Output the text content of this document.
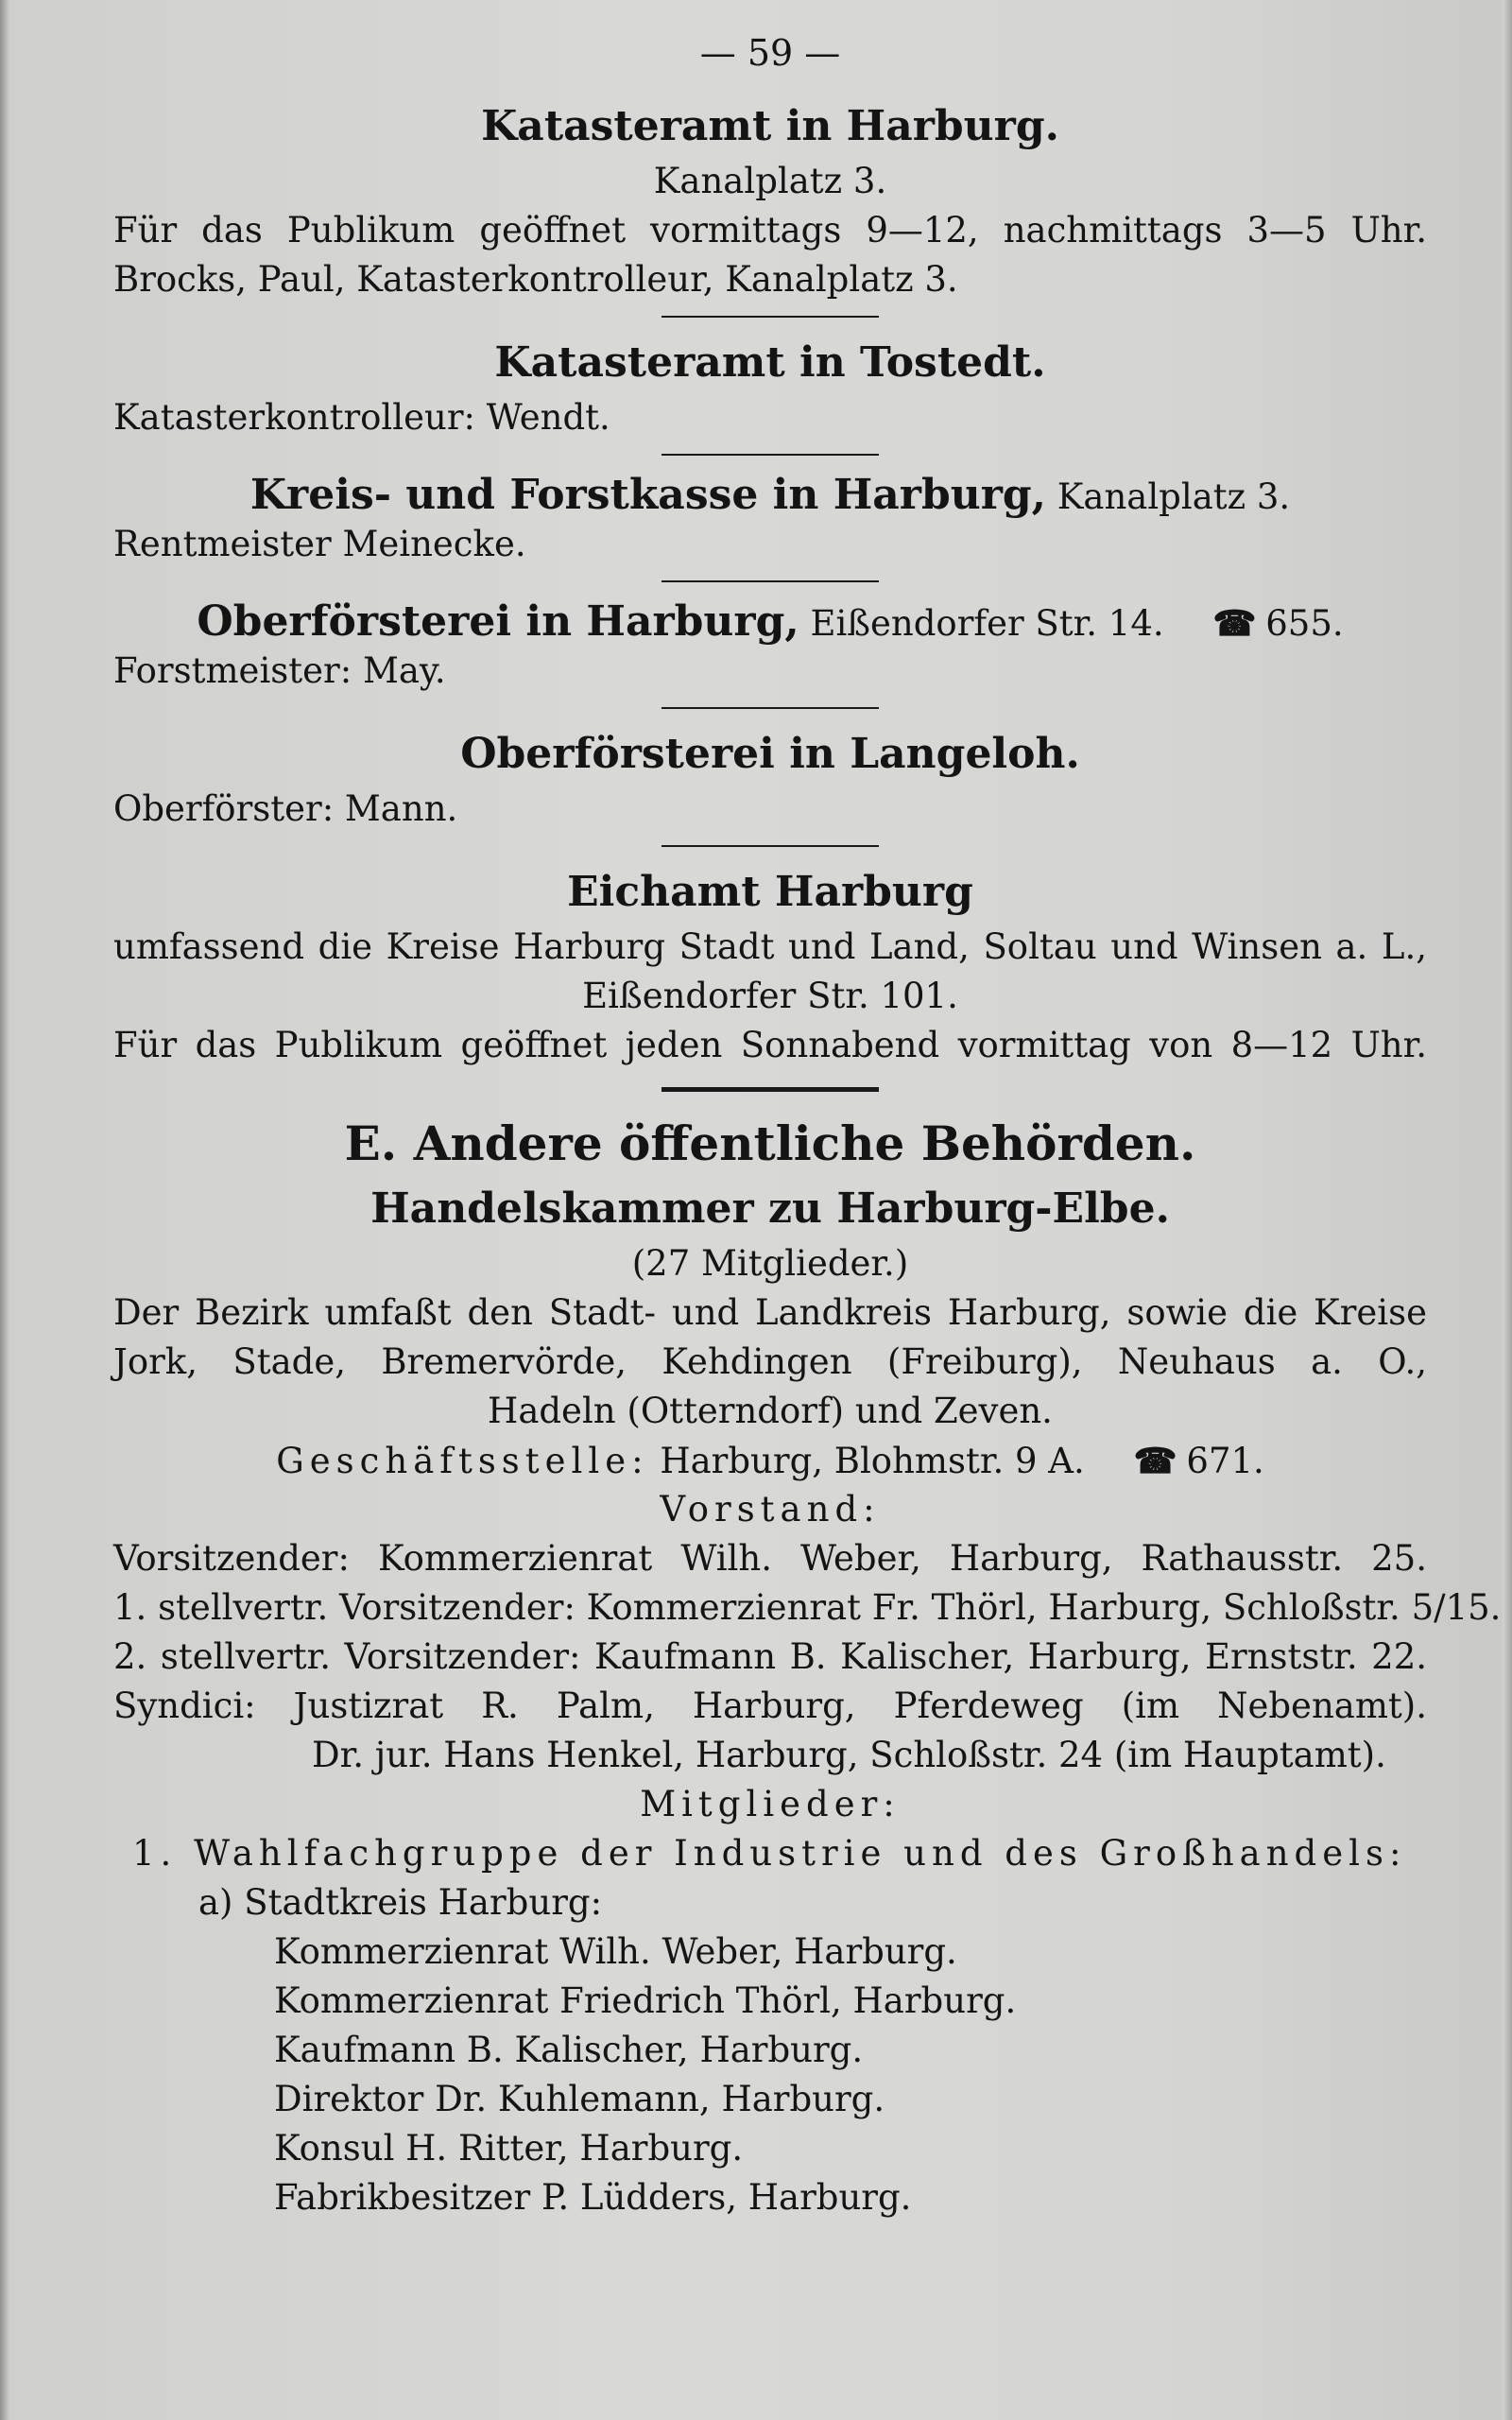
— 59 —
Katasteramt in Harburg.
Kanalplatz 3.
Für das Publikum geöffnet vormittags 9—12, nachmittags 3—5 Uhr.
Brocks, Paul, Katasterkontrolleur, Kanalplatz 3.
Katasteramt in Tostedt.
Katasterkontrolleur: Wendt.
Kreis- und Forstkasse in Harburg, Kanalplatz 3.
Rentmeister Meinecke.
Oberförsterei in Harburg, Eißendorfer Str. 14. ☎ 655.
Forstmeister: May.
Oberförsterei in Langeloh.
Oberförster: Mann.
Eichamt Harburg
umfassend die Kreise Harburg Stadt und Land, Soltau und Winsen a. L.,
Eißendorfer Str. 101.
Für das Publikum geöffnet jeden Sonnabend vormittag von 8—12 Uhr.
E. Andere öffentliche Behörden.
Handelskammer zu Harburg-Elbe.
(27 Mitglieder.)
Der Bezirk umfaßt den Stadt- und Landkreis Harburg, sowie die Kreise
Jork, Stade, Bremervörde, Kehdingen (Freiburg), Neuhaus a. O.,
Hadeln (Otterndorf) und Zeven.
Geschäftsstelle: Harburg, Blohmstr. 9 A. ☎ 671.
Vorstand:
Vorsitzender: Kommerzienrat Wilh. Weber, Harburg, Rathausstr. 25.
1. stellvertr. Vorsitzender: Kommerzienrat Fr. Thörl, Harburg, Schloßstr. 5/15.
2. stellvertr. Vorsitzender: Kaufmann B. Kalischer, Harburg, Ernststr. 22.
Syndici: Justizrat R. Palm, Harburg, Pferdeweg (im Nebenamt).
Dr. jur. Hans Henkel, Harburg, Schloßstr. 24 (im Hauptamt).
Mitglieder:
1. Wahlfachgruppe der Industrie und des Großhandels:
a) Stadtkreis Harburg:
Kommerzienrat Wilh. Weber, Harburg.
Kommerzienrat Friedrich Thörl, Harburg.
Kaufmann B. Kalischer, Harburg.
Direktor Dr. Kuhlemann, Harburg.
Konsul H. Ritter, Harburg.
Fabrikbesitzer P. Lüdders, Harburg.
